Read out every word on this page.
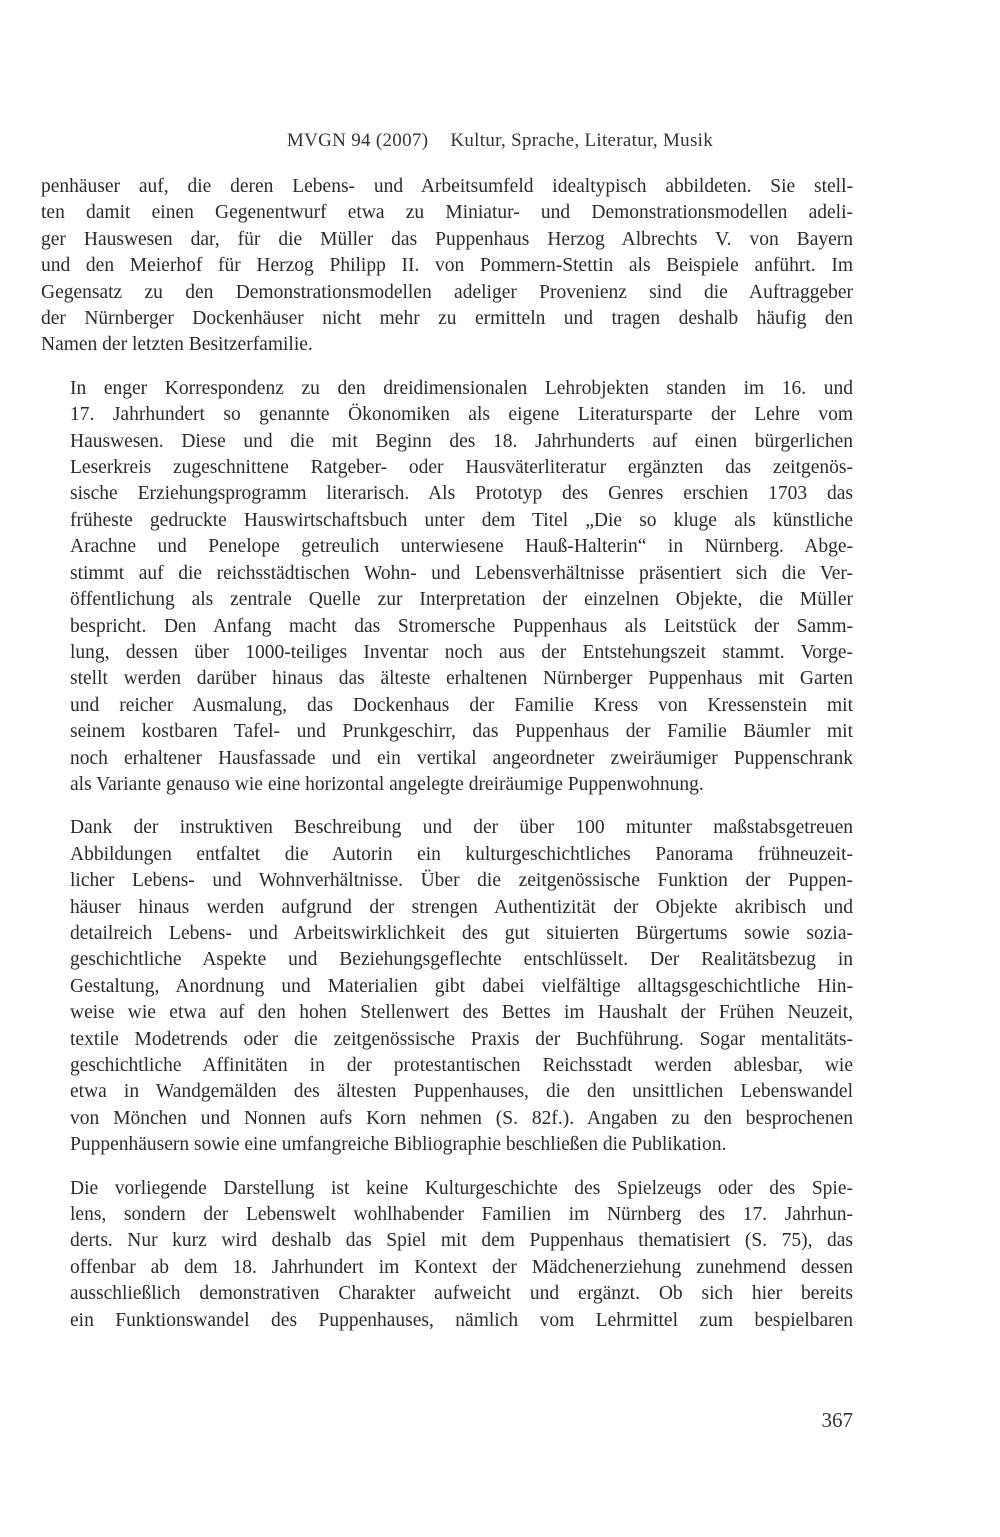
MVGN 94 (2007) Kultur, Sprache, Literatur, Musik

penhäuser auf, die deren Lebens- und Arbeitsumfeld idealtypisch abbildeten. Sie stell-
ten damit einen Gegenentwurf etwa zu Miniatur- und Demonstrationsmodellen adeli-
ger Hauswesen dar, für die Müller das Puppenhaus Herzog Albrechts V. von Bayern
und den Meierhof für Herzog Philipp II. von Pommern-Stettin als Beispiele anführt. Im
Gegensatz zu den Demonstrationsmodellen adeliger Provenienz sind die Auftraggeber
der Nürnberger Dockenhäuser nicht mehr zu ermitteln und tragen deshalb häufig den
Namen der letzten Besitzerfamilie.

In enger Korrespondenz zu den dreidimensionalen Lehrobjekten standen im 16. und
17. Jahrhundert so genannte Ökonomiken als eigene Literatursparte der Lehre vom
Hauswesen. Diese und die mit Beginn des 18. Jahrhunderts auf einen bürgerlichen
Leserkreis zugeschnittene Ratgeber- oder Hausväterliteratur ergänzten das zeitgenös-
sische Erziehungsprogramm literarisch. Als Prototyp des Genres erschien 1703 das
früheste gedruckte Hauswirtschaftsbuch unter dem Titel „Die so kluge als künstliche
Arachne und Penelope getreulich unterwiesene Hauß-Halterin“ in Nürnberg. Abge-
stimmt auf die reichsstädtischen Wohn- und Lebensverhältnisse präsentiert sich die Ver-
öffentlichung als zentrale Quelle zur Interpretation der einzelnen Objekte, die Müller
bespricht. Den Anfang macht das Stromersche Puppenhaus als Leitstück der Samm-
lung, dessen über 1000-teiliges Inventar noch aus der Entstehungszeit stammt. Vorge-
stellt werden darüber hinaus das älteste erhaltenen Nürnberger Puppenhaus mit Garten
und reicher Ausmalung, das Dockenhaus der Familie Kress von Kressenstein mit
seinem kostbaren Tafel- und Prunkgeschirr, das Puppenhaus der Familie Bäumler mit
noch erhaltener Hausfassade und ein vertikal angeordneter zweiräumiger Puppenschrank
als Variante genauso wie eine horizontal angelegte dreiräumige Puppenwohnung.

Dank der instruktiven Beschreibung und der über 100 mitunter maßstabsgetreuen
Abbildungen entfaltet die Autorin ein kulturgeschichtliches Panorama frühneuzeit-
licher Lebens- und Wohnverhältnisse. Über die zeitgenössische Funktion der Puppen-
häuser hinaus werden aufgrund der strengen Authentizität der Objekte akribisch und
detailreich Lebens- und Arbeitswirklichkeit des gut situierten Bürgertums sowie sozia-
geschichtliche Aspekte und Beziehungsgeflechte entschlüsselt. Der Realitätsbezug in
Gestaltung, Anordnung und Materialien gibt dabei vielfältige alltagsgeschichtliche Hin-
weise wie etwa auf den hohen Stellenwert des Bettes im Haushalt der Frühen Neuzeit,
textile Modetrends oder die zeitgenössische Praxis der Buchführung. Sogar mentalitäts-
geschichtliche Affinitäten in der protestantischen Reichsstadt werden ablesbar, wie
etwa in Wandgemälden des ältesten Puppenhauses, die den unsittlichen Lebenswandel
von Mönchen und Nonnen aufs Korn nehmen (S. 82f.). Angaben zu den besprochenen
Puppenhäusern sowie eine umfangreiche Bibliographie beschließen die Publikation.

Die vorliegende Darstellung ist keine Kulturgeschichte des Spielzeugs oder des Spie-
lens, sondern der Lebenswelt wohlhabender Familien im Nürnberg des 17. Jahrhun-
derts. Nur kurz wird deshalb das Spiel mit dem Puppenhaus thematisiert (S. 75), das
offenbar ab dem 18. Jahrhundert im Kontext der Mädchenerziehung zunehmend dessen
ausschließlich demonstrativen Charakter aufweicht und ergänzt. Ob sich hier bereits
ein Funktionswandel des Puppenhauses, nämlich vom Lehrmittel zum bespielbaren

367
